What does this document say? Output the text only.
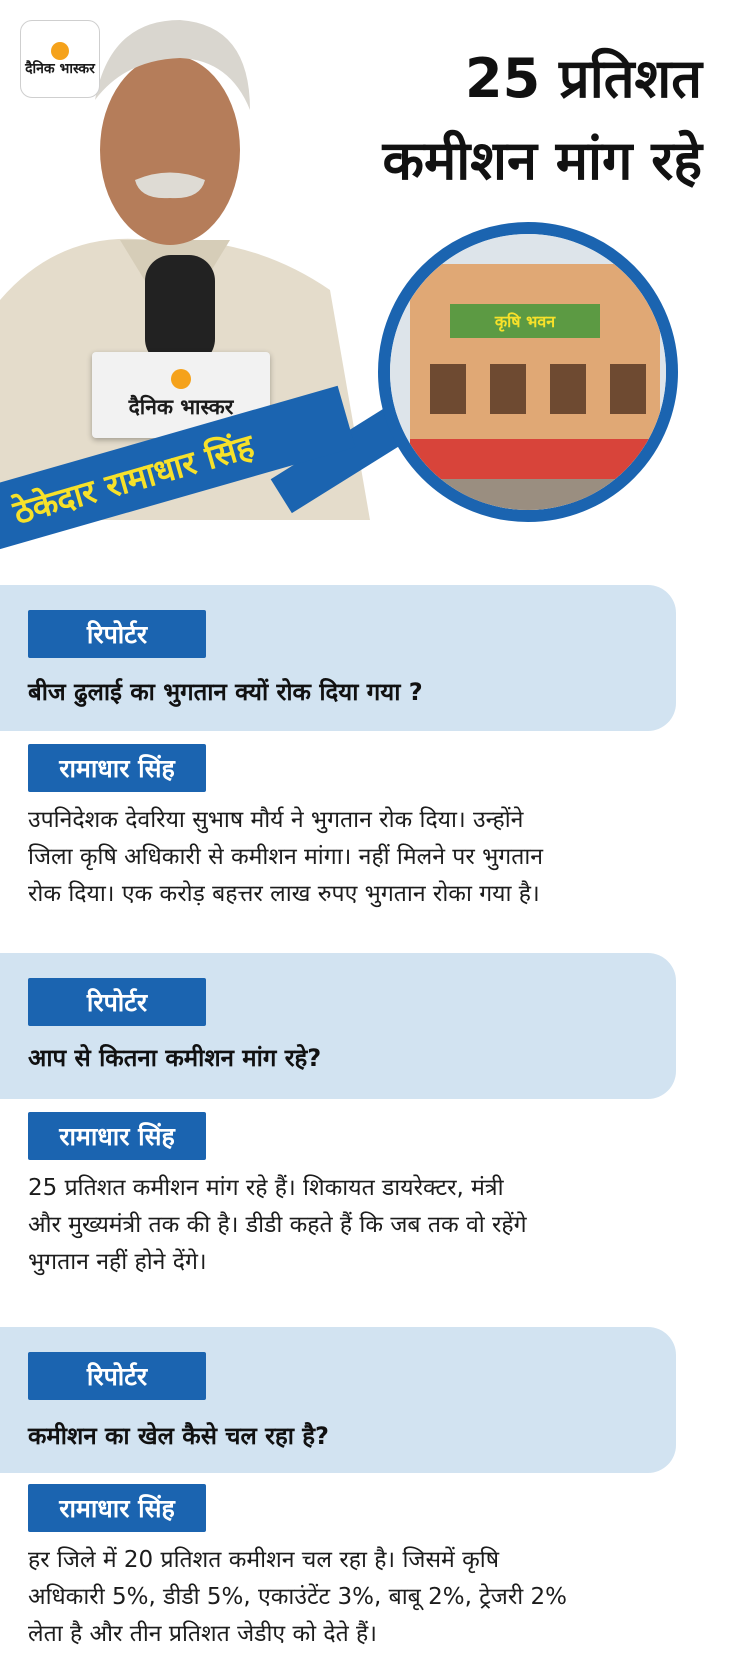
दैनिक भास्कर
दैनिक भास्कर
25 प्रतिशत
कमीशन मांग रहे
कृषि भवन
ठेकेदार रामाधार सिंह
रिपोर्टर
बीज ढुलाई का भुगतान क्यों रोक दिया गया ?
रामाधार सिंह
उपनिदेशक देवरिया सुभाष मौर्य ने भुगतान रोक दिया। उन्होंने
जिला कृषि अधिकारी से कमीशन मांगा। नहीं मिलने पर भुगतान
रोक दिया। एक करोड़ बहत्तर लाख रुपए भुगतान रोका गया है।
रिपोर्टर
आप से कितना कमीशन मांग रहे?
रामाधार सिंह
25 प्रतिशत कमीशन मांग रहे हैं। शिकायत डायरेक्टर, मंत्री
और मुख्यमंत्री तक की है। डीडी कहते हैं कि जब तक वो रहेंगे
भुगतान नहीं होने देंगे।
रिपोर्टर
कमीशन का खेल कैसे चल रहा है?
रामाधार सिंह
हर जिले में 20 प्रतिशत कमीशन चल रहा है। जिसमें कृषि
अधिकारी 5%, डीडी 5%, एकाउंटेंट 3%, बाबू 2%, ट्रेजरी 2%
लेता है और तीन प्रतिशत जेडीए को देते हैं।
